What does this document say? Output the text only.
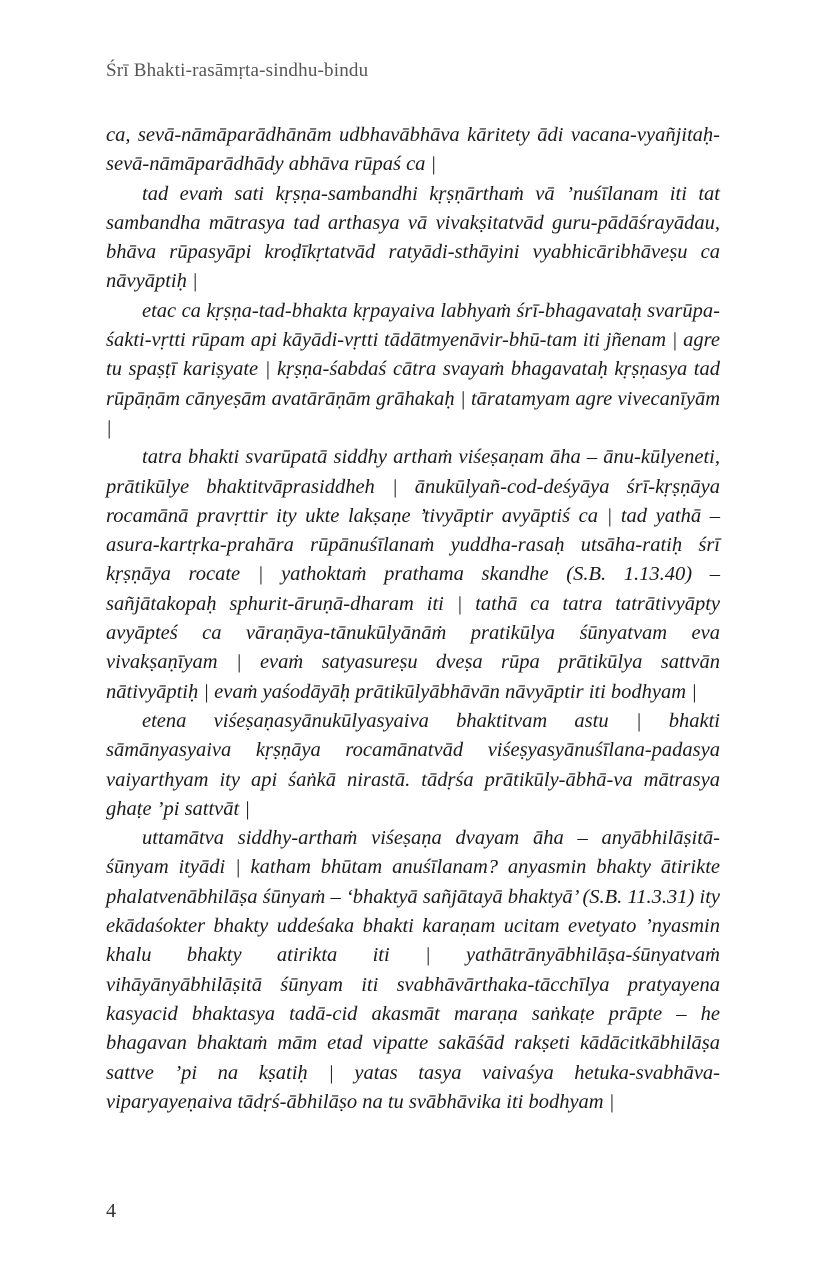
Śrī Bhakti-rasāmṛta-sindhu-bindu

ca, sevā-nāmāparādhānām udbhavābhāva kāritety ādi vacana-vyañjitaḥ-sevā-nāmāparādhādy abhāva rūpaś ca |

tad evaṁ sati kṛṣṇa-sambandhi kṛṣṇārthaṁ vā ’nuśīlanam iti tat sambandha mātrasya tad arthasya vā vivakṣitatvād guru-pādāśrayādau, bhāva rūpasyāpi kroḍīkṛtatvād ratyādi-sthāyini vyabhicāribhāveṣu ca nāvyāptiḥ |

etac ca kṛṣṇa-tad-bhakta kṛpayaiva labhyaṁ śrī-bhagavataḥ svarūpa-śakti-vṛtti rūpam api kāyādi-vṛtti tādātmyenāvir-bhū-tam iti jñenam | agre tu spaṣṭī kariṣyate | kṛṣṇa-śabdaś cātra svayaṁ bhagavataḥ kṛṣṇasya tad rūpāṇām cānyeṣām avatārāṇām grāhakaḥ | tāratamyam agre vivecanīyām |

tatra bhakti svarūpatā siddhy arthaṁ viśeṣaṇam āha – ānu-kūlyeneti, prātikūlye bhaktitvāprasiddheh | ānukūlyañ-cod-deśyāya śrī-kṛṣṇāya rocamānā pravṛttir ity ukte lakṣaṇe ’tivyāptir avyāptiś ca | tad yathā – asura-kartṛka-prahāra rūpānuśīlanaṁ yuddha-rasaḥ utsāha-ratiḥ śrī kṛṣṇāya rocate | yathoktaṁ prathama skandhe (S.B. 1.13.40) – sañjātakopaḥ sphurit-āruṇā-dharam iti | tathā ca tatra tatrātivyāpty avyāpteś ca vāraṇāya-tānukūlyānāṁ pratikūlya śūnyatvam eva vivakṣaṇīyam | evaṁ satyasureṣu dveṣa rūpa prātikūlya sattvān nātivyāptiḥ | evaṁ yaśodāyāḥ prātikūlyābhāvān nāvyāptir iti bodhyam |

etena viśeṣaṇasyānukūlyasyaiva bhaktitvam astu | bhakti sāmānyasyaiva kṛṣṇāya rocamānatvād viśeṣyasyānuśīlana-padasya vaiyarthyam ity api śaṅkā nirastā. tādṛśa prātikūly-ābhā-va mātrasya ghaṭe ’pi sattvāt |

uttamātva siddhy-arthaṁ viśeṣaṇa dvayam āha – anyābhilāṣitā-śūnyam ityādi | katham bhūtam anuśīlanam? anyasmin bhakty ātirikte phalatvenābhilāṣa śūnyaṁ – ‘bhaktyā sañjātayā bhaktyā’ (S.B. 11.3.31) ity ekādaśokter bhakty uddeśaka bhakti karaṇam ucitam evetyato ’nyasmin khalu bhakty atirikta iti | yathātrānyābhilāṣa-śūnyatvaṁ vihāyānyābhilāṣitā śūnyam iti svabhāvārthaka-tācchīlya pratyayena kasyacid bhaktasya tadā-cid akasmāt maraṇa saṅkaṭe prāpte – he bhagavan bhaktaṁ mām etad vipatte sakāśād rakṣeti kādācitkābhilāṣa sattve ’pi na kṣatiḥ | yatas tasya vaivaśya hetuka-svabhāva-viparyayeṇaiva tādṛś-ābhilāṣo na tu svābhāvika iti bodhyam |

4
